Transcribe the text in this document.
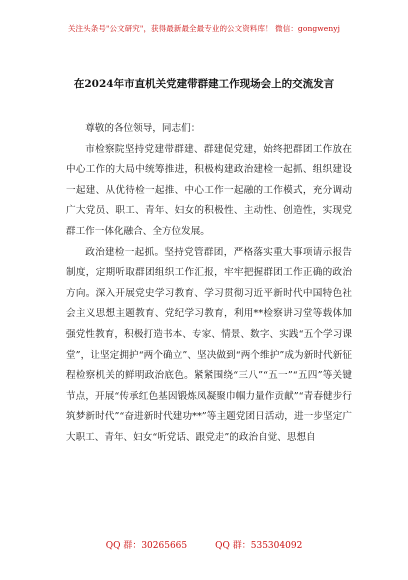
关注头条号"公文研究"，获得最新最全最专业的公文资料库！ 微信：gongwenyj
在2024年市直机关党建带群建工作现场会上的交流发言

尊敬的各位领导，同志们：

市检察院坚持党建带群建、群建促党建，始终把群团工作放在中心工作的大局中统筹推进，积极构建政治建检一起抓、组织建设一起建、从优待检一起推、中心工作一起融的工作模式，充分调动广大党员、职工、青年、妇女的积极性、主动性、创造性，实现党群工作一体化融合、全方位发展。

政治建检一起抓。坚持党管群团，严格落实重大事项请示报告制度，定期听取群团组织工作汇报，牢牢把握群团工作正确的政治方向。深入开展党史学习教育、学习贯彻习近平新时代中国特色社会主义思想主题教育、党纪学习教育，利用**检察讲习堂等载体加强党性教育，积极打造书本、专家、情景、数字、实践“五个学习课堂”，让坚定拥护“两个确立”、坚决做到“两个维护”成为新时代新征程检察机关的鲜明政治底色。紧紧围绕“三八”“五一”“五四”等关键节点，开展“传承红色基因锻炼凤凝聚巾帼力量作贡献”“青春健步行筑梦新时代”“奋进新时代建功**”等主题党团日活动，进一步坚定广大职工、青年、妇女“听党话、跟党走”的政治自觉、思想自

QQ 群：30265665	QQ 群：535304092
